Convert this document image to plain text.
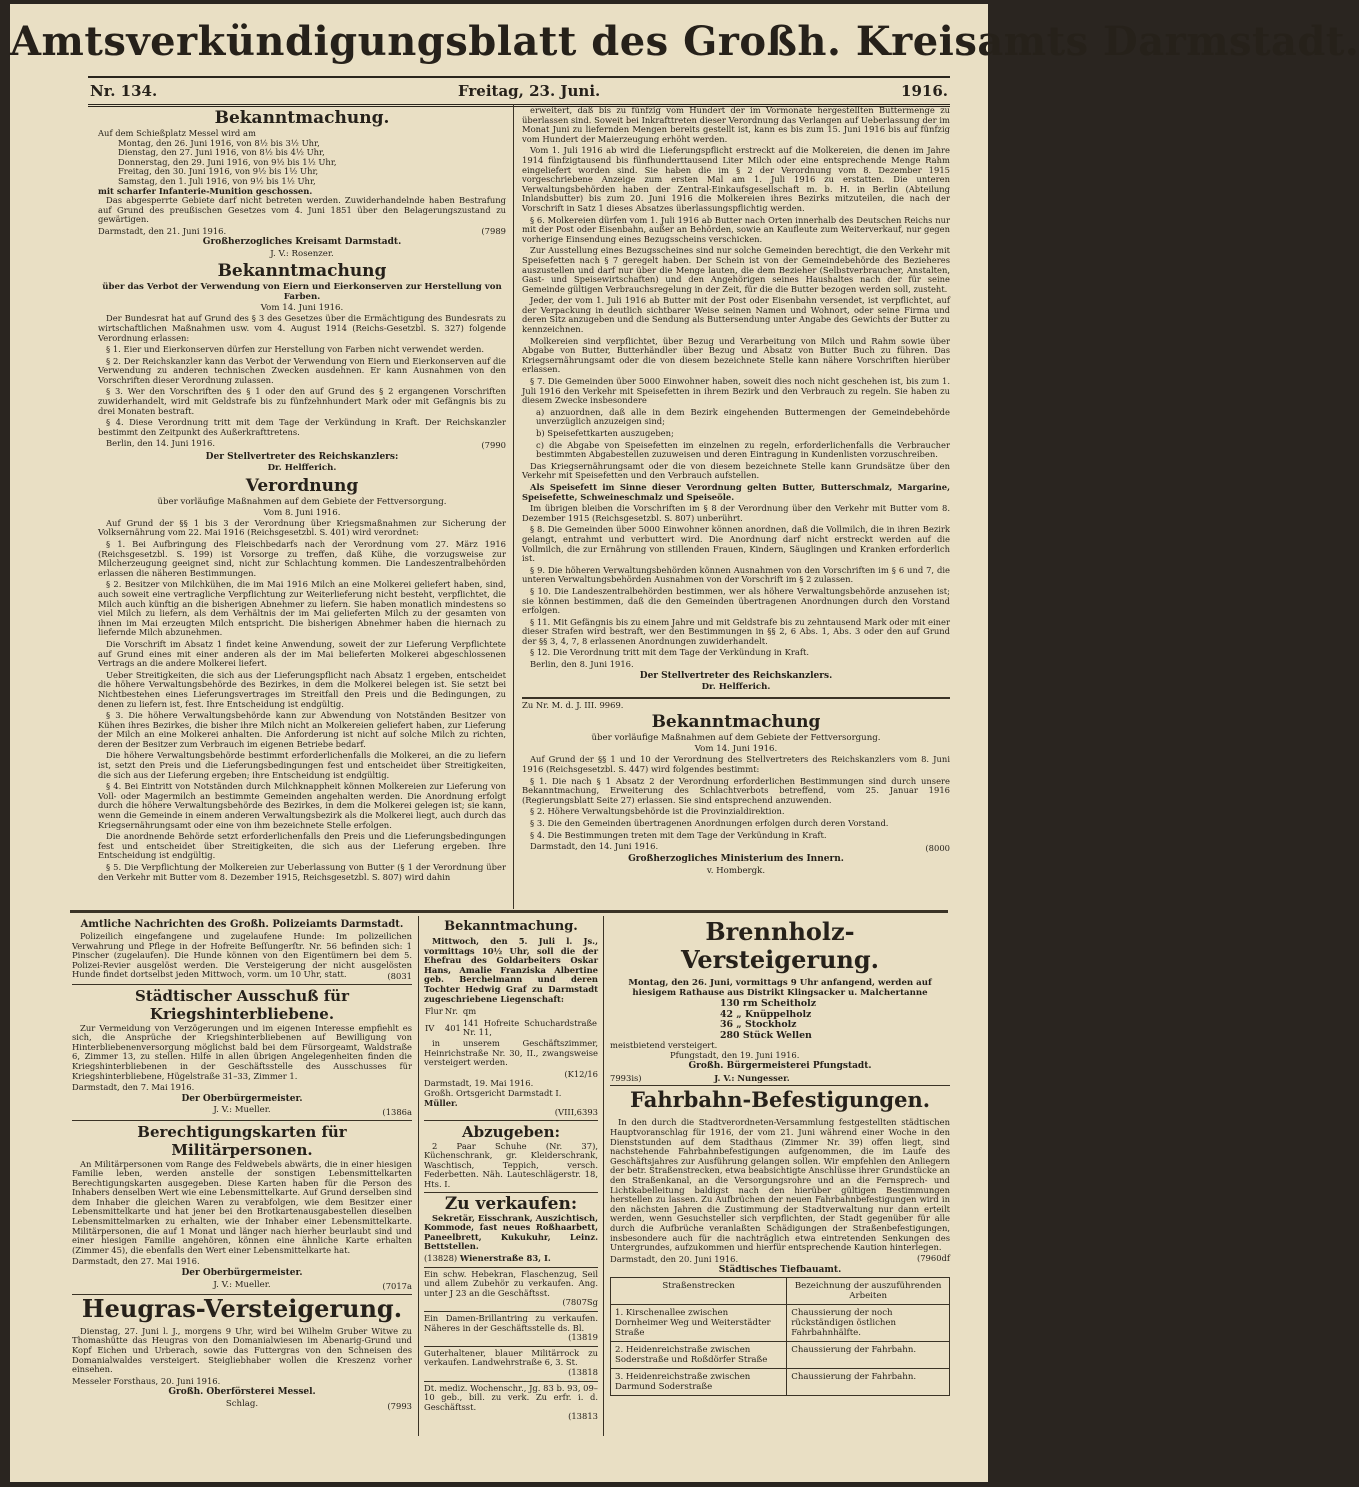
Amtsverkündigungsblatt des Großh. Kreisamts Darmstadt.
Nr. 134.	Freitag, 23. Juni.	1916.
Bekanntmachung.
Auf dem Schießplatz Messel wird am
Montag, den 26. Juni 1916, von 8½ bis 3½ Uhr,
Dienstag, den 27. Juni 1916, von 8½ bis 4½ Uhr,
Donnerstag, den 29. Juni 1916, von 9½ bis 1½ Uhr,
Freitag, den 30. Juni 1916, von 9½ bis 1½ Uhr,
Samstag, den 1. Juli 1916, von 9½ bis 1½ Uhr,
mit scharfer Infanterie-Munition geschossen.

Das abgesperrte Gebiete darf nicht betreten werden. Zuwiderhandelnde haben Bestrafung auf Grund des preußischen Gesetzes vom 4. Juni 1851 über den Belagerungszustand zu gewärtigen.

Darmstadt, den 21. Juni 1916.	(7989
Großherzogliches Kreisamt Darmstadt.
J. V.: Rosenzer.
Bekanntmachung
über das Verbot der Verwendung von Eiern und Eierkonserven zur Herstellung von Farben.
Vom 14. Juni 1916.

Der Bundesrat hat auf Grund des § 3 des Gesetzes über die Ermächtigung des Bundesrats zu wirtschaftlichen Maßnahmen usw. vom 4. August 1914 (Reichs-Gesetzbl. S. 327) folgende Verordnung erlassen:

§ 1. Eier und Eierkonserven dürfen zur Herstellung von Farben nicht verwendet werden.

§ 2. Der Reichskanzler kann das Verbot der Verwendung von Eiern und Eierkonserven auf die Verwendung zu anderen technischen Zwecken ausdehnen. Er kann Ausnahmen von den Vorschriften dieser Verordnung zulassen.

§ 3. Wer den Vorschriften des § 1 oder den auf Grund des § 2 ergangenen Vorschriften zuwiderhandelt, wird mit Geldstrafe bis zu fünfzehnhundert Mark oder mit Gefängnis bis zu drei Monaten bestraft.

§ 4. Diese Verordnung tritt mit dem Tage der Verkündung in Kraft. Der Reichskanzler bestimmt den Zeitpunkt des Außerkrafttretens.

Berlin, den 14. Juni 1916.	(7990
Der Stellvertreter des Reichskanzlers:
Dr. Helfferich.
Verordnung
über vorläufige Maßnahmen auf dem Gebiete der Fettversorgung.
Vom 8. Juni 1916.

Auf Grund der §§ 1 bis 3 der Verordnung über Kriegsmaßnahmen zur Sicherung der Volksernährung vom 22. Mai 1916 (Reichsgesetzbl. S. 401) wird verordnet:

§ 1. Bei Aufbringung des Fleischbedarfs nach der Verordnung vom 27. März 1916 (Reichsgesetzbl. S. 199) ist Vorsorge zu treffen, daß Kühe, die vorzugsweise zur Milcherzeugung geeignet sind, nicht zur Schlachtung kommen. Die Landeszentralbehörden erlassen die näheren Bestimmungen.

§ 2. Besitzer von Milchkühen, die im Mai 1916 Milch an eine Molkerei geliefert haben, sind, auch soweit eine vertragliche Verpflichtung zur Weiterlieferung nicht besteht, verpflichtet, die Milch auch künftig an die bisherigen Abnehmer zu liefern. Sie haben monatlich mindestens so viel Milch zu liefern, als dem Verhältnis der im Mai gelieferten Milch zu der gesamten von ihnen im Mai erzeugten Milch entspricht. Die bisherigen Abnehmer haben die hiernach zu liefernde Milch abzunehmen.

Die Vorschrift im Absatz 1 findet keine Anwendung, soweit der zur Lieferung Verpflichtete auf Grund eines mit einer anderen als der im Mai belieferten Molkerei abgeschlossenen Vertrags an die andere Molkerei liefert.

Ueber Streitigkeiten, die sich aus der Lieferungspflicht nach Absatz 1 ergeben, entscheidet die höhere Verwaltungsbehörde des Bezirkes, in dem die Molkerei belegen ist. Sie setzt bei Nichtbestehen eines Lieferungsvertrages im Streitfall den Preis und die Bedingungen, zu denen zu liefern ist, fest. Ihre Entscheidung ist endgültig.

§ 3. Die höhere Verwaltungsbehörde kann zur Abwendung von Notständen Besitzer von Kühen ihres Bezirkes, die bisher ihre Milch nicht an Molkereien geliefert haben, zur Lieferung der Milch an eine Molkerei anhalten. Die Anforderung ist nicht auf solche Milch zu richten, deren der Besitzer zum Verbrauch im eigenen Betriebe bedarf.

Die höhere Verwaltungsbehörde bestimmt erforderlichenfalls die Molkerei, an die zu liefern ist, setzt den Preis und die Lieferungsbedingungen fest und entscheidet über Streitigkeiten, die sich aus der Lieferung ergeben; ihre Entscheidung ist endgültig.

§ 4. Bei Eintritt von Notständen durch Milchknappheit können Molkereien zur Lieferung von Voll- oder Magermilch an bestimmte Gemeinden angehalten werden. Die Anordnung erfolgt durch die höhere Verwaltungsbehörde des Bezirkes, in dem die Molkerei gelegen ist; sie kann, wenn die Gemeinde in einem anderen Verwaltungsbezirk als die Molkerei liegt, auch durch das Kriegsernährungsamt oder eine von ihm bezeichnete Stelle erfolgen.

Die anordnende Behörde setzt erforderlichenfalls den Preis und die Lieferungsbedingungen fest und entscheidet über Streitigkeiten, die sich aus der Lieferung ergeben. Ihre Entscheidung ist endgültig.

§ 5. Die Verpflichtung der Molkereien zur Ueberlassung von Butter (§ 1 der Verordnung über den Verkehr mit Butter vom 8. Dezember 1915, Reichsgesetzbl. S. 807) wird dahin

erweitert, daß bis zu fünfzig vom Hundert der im Vormonate hergestellten Buttermenge zu überlassen sind. Soweit bei Inkrafttreten dieser Verordnung das Verlangen auf Ueberlassung der im Monat Juni zu liefernden Mengen bereits gestellt ist, kann es bis zum 15. Juni 1916 bis auf fünfzig vom Hundert der Maierzeugung erhöht werden.

Vom 1. Juli 1916 ab wird die Lieferungspflicht erstreckt auf die Molkereien, die denen im Jahre 1914 fünfzigtausend bis fünfhunderttausend Liter Milch oder eine entsprechende Menge Rahm eingeliefert worden sind. Sie haben die im § 2 der Verordnung vom 8. Dezember 1915 vorgeschriebene Anzeige zum ersten Mal am 1. Juli 1916 zu erstatten. Die unteren Verwaltungsbehörden haben der Zentral-Einkaufsgesellschaft m. b. H. in Berlin (Abteilung Inlandsbutter) bis zum 20. Juni 1916 die Molkereien ihres Bezirks mitzuteilen, die nach der Vorschrift in Satz 1 dieses Absatzes überlassungspflichtig werden.

§ 6. Molkereien dürfen vom 1. Juli 1916 ab Butter nach Orten innerhalb des Deutschen Reichs nur mit der Post oder Eisenbahn, außer an Behörden, sowie an Kaufleute zum Weiterverkauf, nur gegen vorherige Einsendung eines Bezugsscheins verschicken.

Zur Ausstellung eines Bezugsscheines sind nur solche Gemeinden berechtigt, die den Verkehr mit Speisefetten nach § 7 geregelt haben. Der Schein ist von der Gemeindebehörde des Bezieheres auszustellen und darf nur über die Menge lauten, die dem Bezieher (Selbstverbraucher, Anstalten, Gast- und Speisewirtschaften) und den Angehörigen seines Haushaltes nach der für seine Gemeinde gültigen Verbrauchsregelung in der Zeit, für die die Butter bezogen werden soll, zusteht.

Jeder, der vom 1. Juli 1916 ab Butter mit der Post oder Eisenbahn versendet, ist verpflichtet, auf der Verpackung in deutlich sichtbarer Weise seinen Namen und Wohnort, oder seine Firma und deren Sitz anzugeben und die Sendung als Buttersendung unter Angabe des Gewichts der Butter zu kennzeichnen.

Molkereien sind verpflichtet, über Bezug und Verarbeitung von Milch und Rahm sowie über Abgabe von Butter, Butterhändler über Bezug und Absatz von Butter Buch zu führen. Das Kriegsernährungsamt oder die von diesem bezeichnete Stelle kann nähere Vorschriften hierüber erlassen.

§ 7. Die Gemeinden über 5000 Einwohner haben, soweit dies noch nicht geschehen ist, bis zum 1. Juli 1916 den Verkehr mit Speisefetten in ihrem Bezirk und den Verbrauch zu regeln. Sie haben zu diesem Zwecke insbesondere

a) anzuordnen, daß alle in dem Bezirk eingehenden Buttermengen der Gemeindebehörde unverzüglich anzuzeigen sind;

b) Speisefettkarten auszugeben;

c) die Abgabe von Speisefetten im einzelnen zu regeln, erforderlichenfalls die Verbraucher bestimmten Abgabestellen zuzuweisen und deren Eintragung in Kundenlisten vorzuschreiben.

Das Kriegsernährungsamt oder die von diesem bezeichnete Stelle kann Grundsätze über den Verkehr mit Speisefetten und den Verbrauch aufstellen.

Als Speisefett im Sinne dieser Verordnung gelten Butter, Butterschmalz, Margarine, Speisefette, Schweineschmalz und Speiseöle.

Im übrigen bleiben die Vorschriften im § 8 der Verordnung über den Verkehr mit Butter vom 8. Dezember 1915 (Reichsgesetzbl. S. 807) unberührt.

§ 8. Die Gemeinden über 5000 Einwohner können anordnen, daß die Vollmilch, die in ihren Bezirk gelangt, entrahmt und verbuttert wird. Die Anordnung darf nicht erstreckt werden auf die Vollmilch, die zur Ernährung von stillenden Frauen, Kindern, Säuglingen und Kranken erforderlich ist.

§ 9. Die höheren Verwaltungsbehörden können Ausnahmen von den Vorschriften im § 6 und 7, die unteren Verwaltungsbehörden Ausnahmen von der Vorschrift im § 2 zulassen.

§ 10. Die Landeszentralbehörden bestimmen, wer als höhere Verwaltungsbehörde anzusehen ist; sie können bestimmen, daß die den Gemeinden übertragenen Anordnungen durch den Vorstand erfolgen.

§ 11. Mit Gefängnis bis zu einem Jahre und mit Geldstrafe bis zu zehntausend Mark oder mit einer dieser Strafen wird bestraft, wer den Bestimmungen in §§ 2, 6 Abs. 1, Abs. 3 oder den auf Grund der §§ 3, 4, 7, 8 erlassenen Anordnungen zuwiderhandelt.

§ 12. Die Verordnung tritt mit dem Tage der Verkündung in Kraft.

Berlin, den 8. Juni 1916.

Der Stellvertreter des Reichskanzlers.
Dr. Helfferich.
Zu Nr. M. d. J. III. 9969.
Bekanntmachung
über vorläufige Maßnahmen auf dem Gebiete der Fettversorgung.
Vom 14. Juni 1916.

Auf Grund der §§ 1 und 10 der Verordnung des Stellvertreters des Reichskanzlers vom 8. Juni 1916 (Reichsgesetzbl. S. 447) wird folgendes bestimmt:

§ 1. Die nach § 1 Absatz 2 der Verordnung erforderlichen Bestimmungen sind durch unsere Bekanntmachung, Erweiterung des Schlachtverbots betreffend, vom 25. Januar 1916 (Regierungsblatt Seite 27) erlassen. Sie sind entsprechend anzuwenden.

§ 2. Höhere Verwaltungsbehörde ist die Provinzialdirektion.

§ 3. Die den Gemeinden übertragenen Anordnungen erfolgen durch deren Vorstand.

§ 4. Die Bestimmungen treten mit dem Tage der Verkündung in Kraft.

Darmstadt, den 14. Juni 1916.	(8000
Großherzogliches Ministerium des Innern.
v. Hombergk.
Amtliche Nachrichten des Großh. Polizeiamts Darmstadt.

Polizeilich eingefangene und zugelaufene Hunde: Im polizeilichen Verwahrung und Pflege in der Hofreite Beſſungerſtr. Nr. 56 befinden sich: 1 Pinscher (zugelaufen). Die Hunde können von den Eigentümern bei dem 5. Polizei-Revier ausgelöst werden. Die Versteigerung der nicht ausgelösten Hunde findet dortselbst jeden Mittwoch, vorm. um 10 Uhr, statt.	(8031
Städtischer Ausschuß für Kriegshinterbliebene.

Zur Vermeidung von Verzögerungen und im eigenen Interesse empfiehlt es sich, die Ansprüche der Kriegshinterbliebenen auf Bewilligung von Hinterbliebenenversorgung möglichst bald bei dem Fürsorgeamt, Waldstraße 6, Zimmer 13, zu stellen. Hilfe in allen übrigen Angelegenheiten finden die Kriegshinterbliebenen in der Geschäftsstelle des Ausschusses für Kriegshinterbliebene, Hügelstraße 31–33, Zimmer 1.

Darmstadt, den 7. Mai 1916.
Der Oberbürgermeister.
J. V.: Mueller.	(1386a
Berechtigungskarten für Militärpersonen.

An Militärpersonen vom Range des Feldwebels abwärts, die in einer hiesigen Familie leben, werden anstelle der sonstigen Lebensmittelkarten Berechtigungskarten ausgegeben. Diese Karten haben für die Person des Inhabers denselben Wert wie eine Lebensmittelkarte. Auf Grund derselben sind dem Inhaber die gleichen Waren zu verabfolgen, wie dem Besitzer einer Lebensmittelkarte und hat jener bei den Brotkartenausgabestellen dieselben Lebensmittelmarken zu erhalten, wie der Inhaber einer Lebensmittelkarte. Militärpersonen, die auf 1 Monat und länger nach hierher beurlaubt sind und einer hiesigen Familie angehören, können eine ähnliche Karte erhalten (Zimmer 45), die ebenfalls den Wert einer Lebensmittelkarte hat.

Darmstadt, den 27. Mai 1916.
Der Oberbürgermeister.
J. V.: Mueller.	(7017a
Heugras-Versteigerung.

Dienstag, 27. Juni l. J., morgens 9 Uhr, wird bei Wilhelm Gruber Witwe zu Thomashütte das Heugras von den Domanialwiesen im Abenarig-Grund und Kopf Eichen und Urberach, sowie das Futtergras von den Schneisen des Domanialwaldes versteigert. Steigliebhaber wollen die Kreszenz vorher einsehen.

Messeler Forsthaus, 20. Juni 1916.
Großh. Oberförsterei Messel.
Schlag.	(7993
Bekanntmachung.

Mittwoch, den 5. Juli l. Js., vormittags 10½ Uhr, soll die der Ehefrau des Goldarbeiters Oskar Hans, Amalie Franziska Albertine geb. Berchelmann und deren Tochter Hedwig Graf zu Darmstadt zugeschriebene Liegenschaft:

Flur	Nr.	qm
IV	401	141 Hofreite Schuchardstraße Nr. 11,

in unserem Geschäftszimmer, Heinrichstraße Nr. 30, II., zwangsweise versteigert werden.

(K12/16
Darmstadt, 19. Mai 1916.
Großh. Ortsgericht Darmstadt I.
Müller.
(VIII,6393
Abzugeben:

2 Paar Schuhe (Nr. 37), Küchenschrank, gr. Kleiderschrank, Waschtisch, Teppich, versch. Federbetten. Näh. Lauteschlägerstr. 18, Hts. I.

Zu verkaufen:

Sekretär, Eisschrank, Auszichtisch, Kommode, fast neues Roßhaarbett, Paneelbrett, Kukukuhr, Leinz. Bettstellen.

(13828) Wienerstraße 83, I.
Ein schw. Hebekran, Flaschenzug, Seil und allem Zubehör zu verkaufen. Ang. unter J 23 an die Geschäftsst.
(7807Sg
Ein Damen-Brillantring zu verkaufen. Näheres in der Geschäftsstelle ds. Bl.
(13819
Guterhaltener, blauer Militärrock zu verkaufen. Landwehrstraße 6, 3. St.
(13818
Dt. mediz. Wochenschr., Jg. 83 b. 93, 09–10 geb., bill. zu verk. Zu erfr. i. d. Geschäftsst.
(13813
Brennholz-Versteigerung.
Montag, den 26. Juni, vormittags 9 Uhr anfangend, werden auf hiesigem Rathause aus Distrikt Klingsacker u. Malchertanne
130 rm Scheitholz
42 „ Knüppelholz
36 „ Stockholz
280 Stück Wellen
meistbietend versteigert.
Pfungstadt, den 19. Juni 1916.
Großh. Bürgermeisterei Pfungstadt.
7993is)	J. V.: Nungesser.
Fahrbahn-Befestigungen.

In den durch die Stadtverordneten-Versammlung festgestellten städtischen Hauptvoranschlag für 1916, der vom 21. Juni während einer Woche in den Dienststunden auf dem Stadthaus (Zimmer Nr. 39) offen liegt, sind nachstehende Fahrbahnbefestigungen aufgenommen, die im Laufe des Geschäftsjahres zur Ausführung gelangen sollen. Wir empfehlen den Anliegern der betr. Straßenstrecken, etwa beabsichtigte Anschlüsse ihrer Grundstücke an den Straßenkanal, an die Versorgungsrohre und an die Fernsprech- und Lichtkabelleitung baldigst nach den hierüber gültigen Bestimmungen herstellen zu lassen. Zu Aufbrüchen der neuen Fahrbahnbefestigungen wird in den nächsten Jahren die Zustimmung der Stadtverwaltung nur dann erteilt werden, wenn Gesuchsteller sich verpflichten, der Stadt gegenüber für alle durch die Aufbrüche veranlaßten Schädigungen der Straßenbefestigungen, insbesondere auch für die nachträglich etwa eintretenden Senkungen des Untergrundes, aufzukommen und hierfür entsprechende Kaution hinterlegen.

Darmstadt, den 20. Juni 1916.	(7960df
Städtisches Tiefbauamt.
Straßenstrecken	Bezeichnung der auszuführenden Arbeiten
1. Kirschenallee zwischen Dornheimer Weg und Weiterstädter Straße	Chaussierung der noch rückständigen östlichen Fahrbahnhälfte.
2. Heidenreichstraße zwischen Soderstraße und Roßdörfer Straße	Chaussierung der Fahrbahn.
3. Heidenreichstraße zwischen Darmund Soderstraße	Chaussierung der Fahrbahn.
